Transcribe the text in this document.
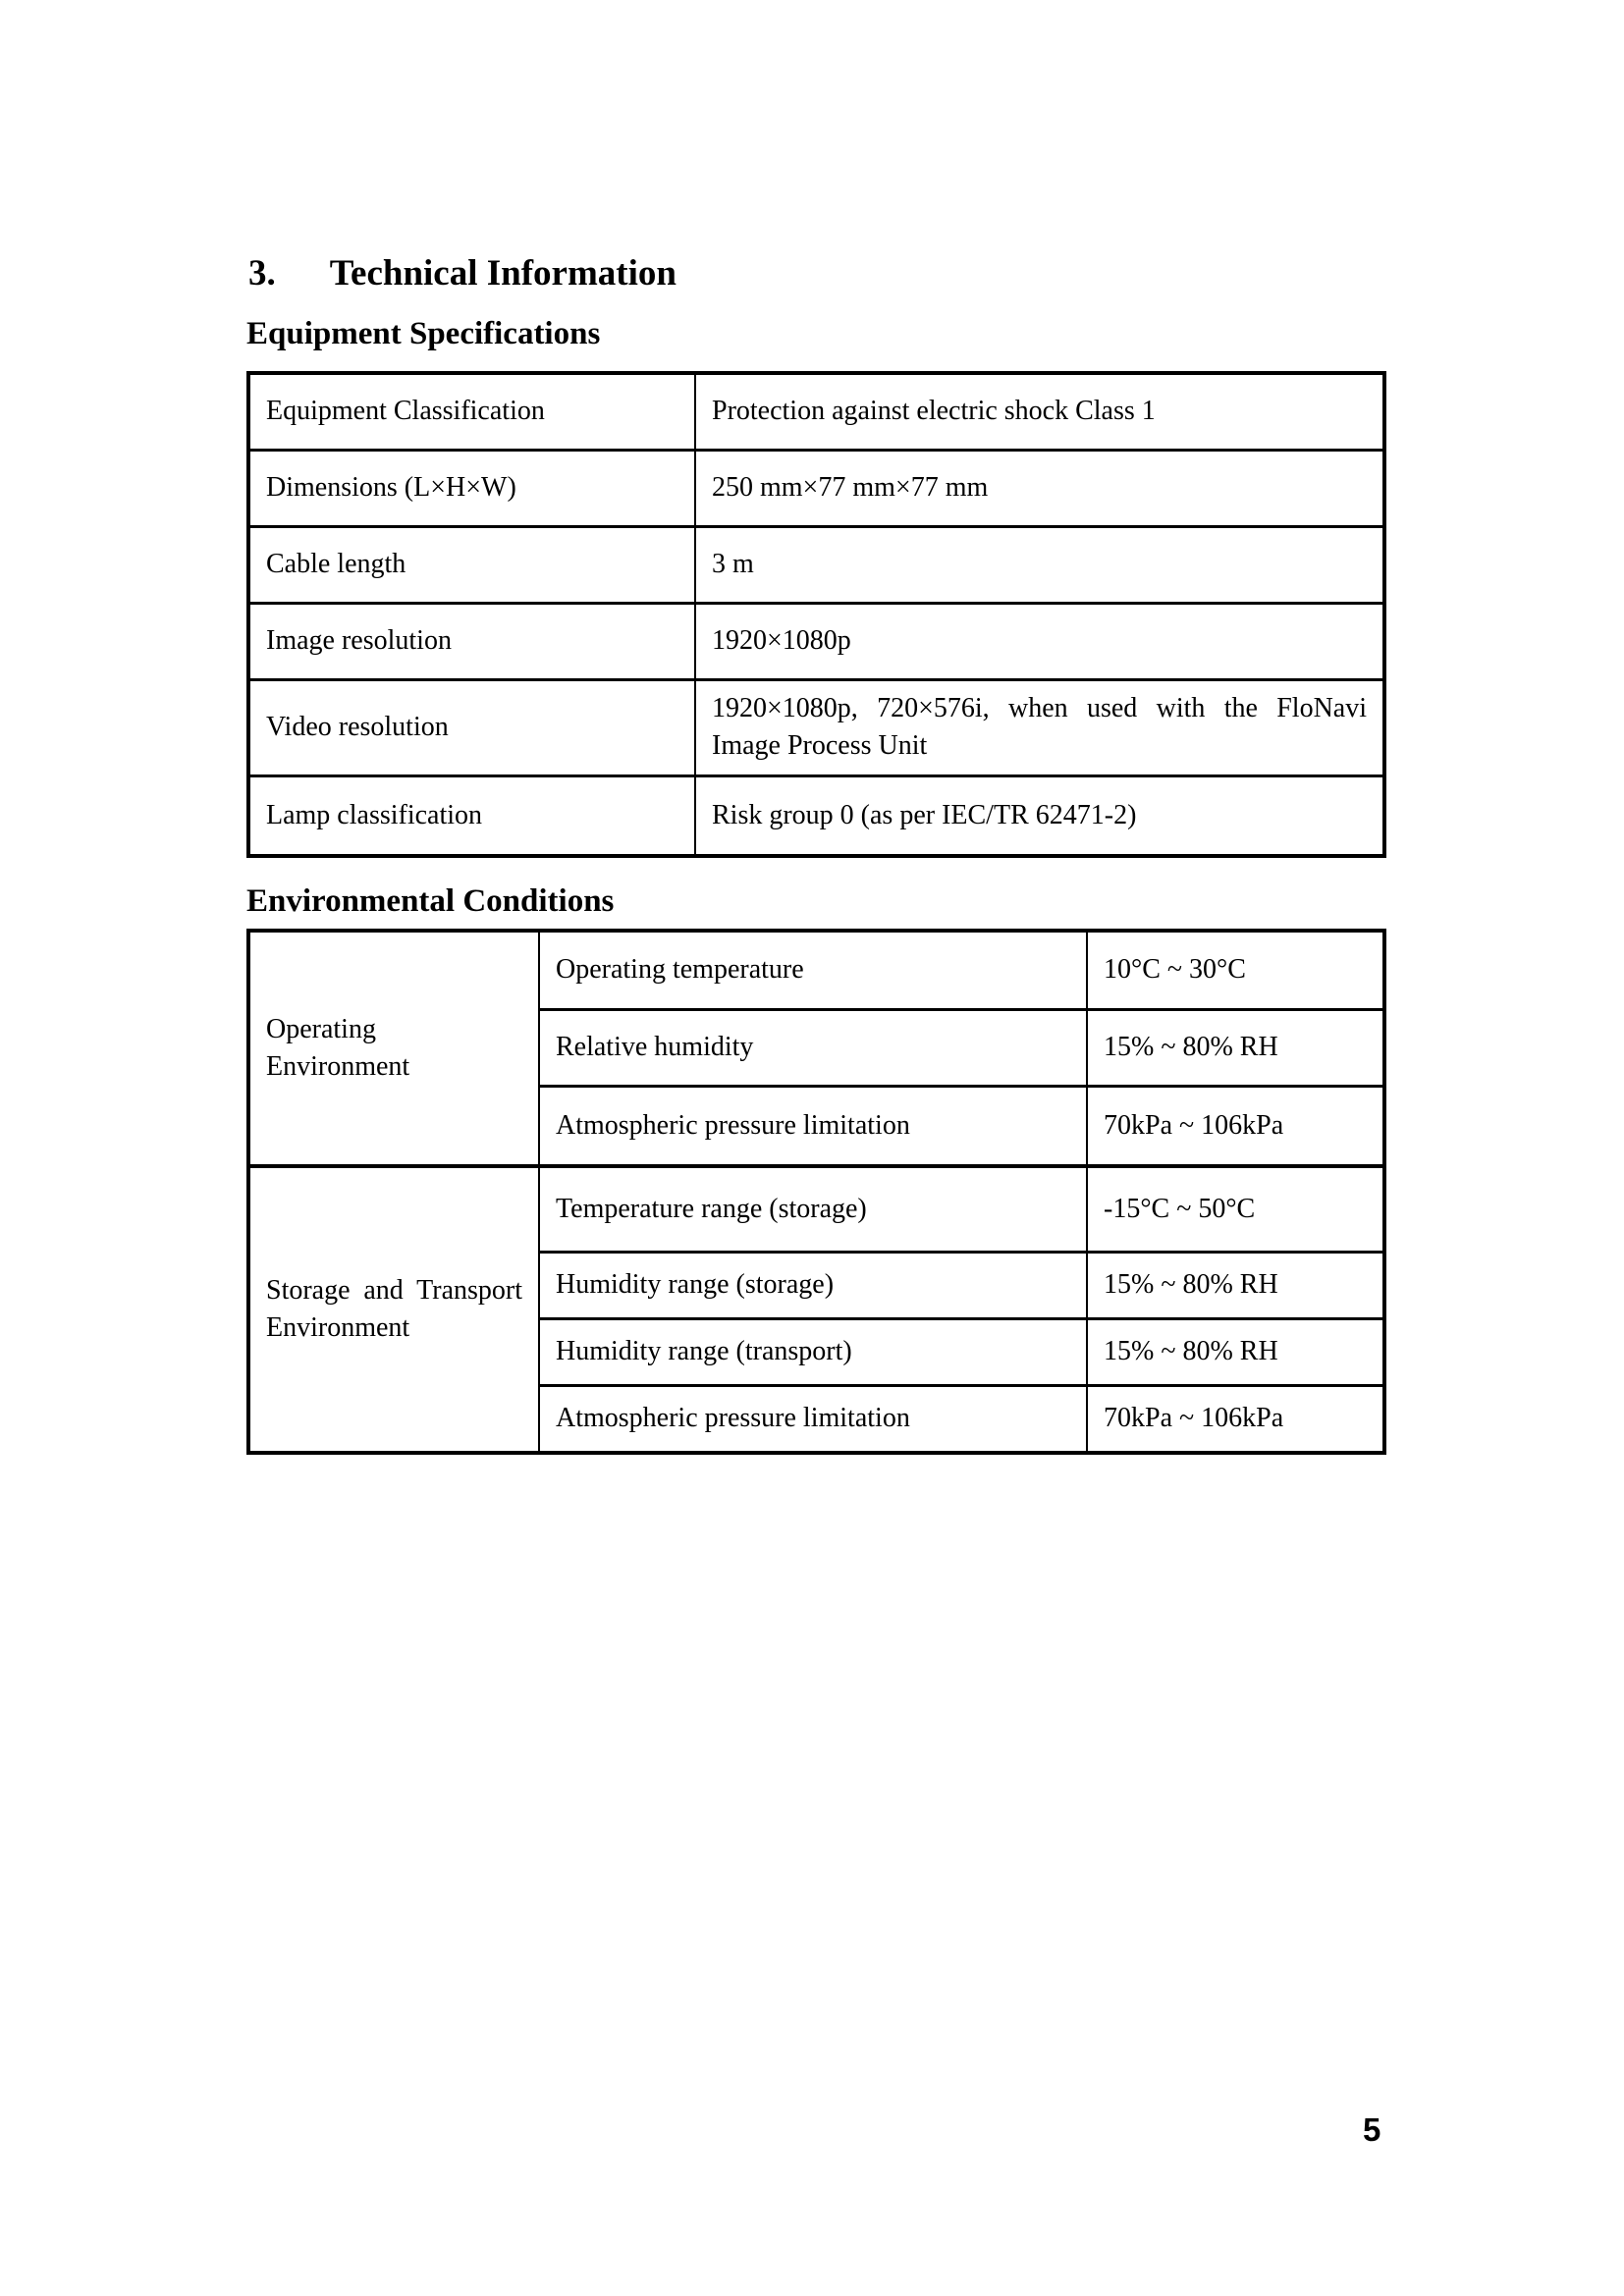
3. Technical Information
Equipment Specifications
Equipment Classification	Protection against electric shock Class 1
Dimensions (L×H×W)	250 mm×77 mm×77 mm
Cable length	3 m
Image resolution	1920×1080p
Video resolution	1920×1080p, 720×576i, when used with the FloNavi Image Process Unit
Lamp classification	Risk group 0 (as per IEC/TR 62471-2)
Environmental Conditions
Operating Environment	Operating temperature	10°C ~ 30°C
	Relative humidity	15% ~ 80% RH
	Atmospheric pressure limitation	70kPa ~ 106kPa
Storage and Transport Environment	Temperature range (storage)	-15°C ~ 50°C
	Humidity range (storage)	15% ~ 80% RH
	Humidity range (transport)	15% ~ 80% RH
	Atmospheric pressure limitation	70kPa ~ 106kPa
5
